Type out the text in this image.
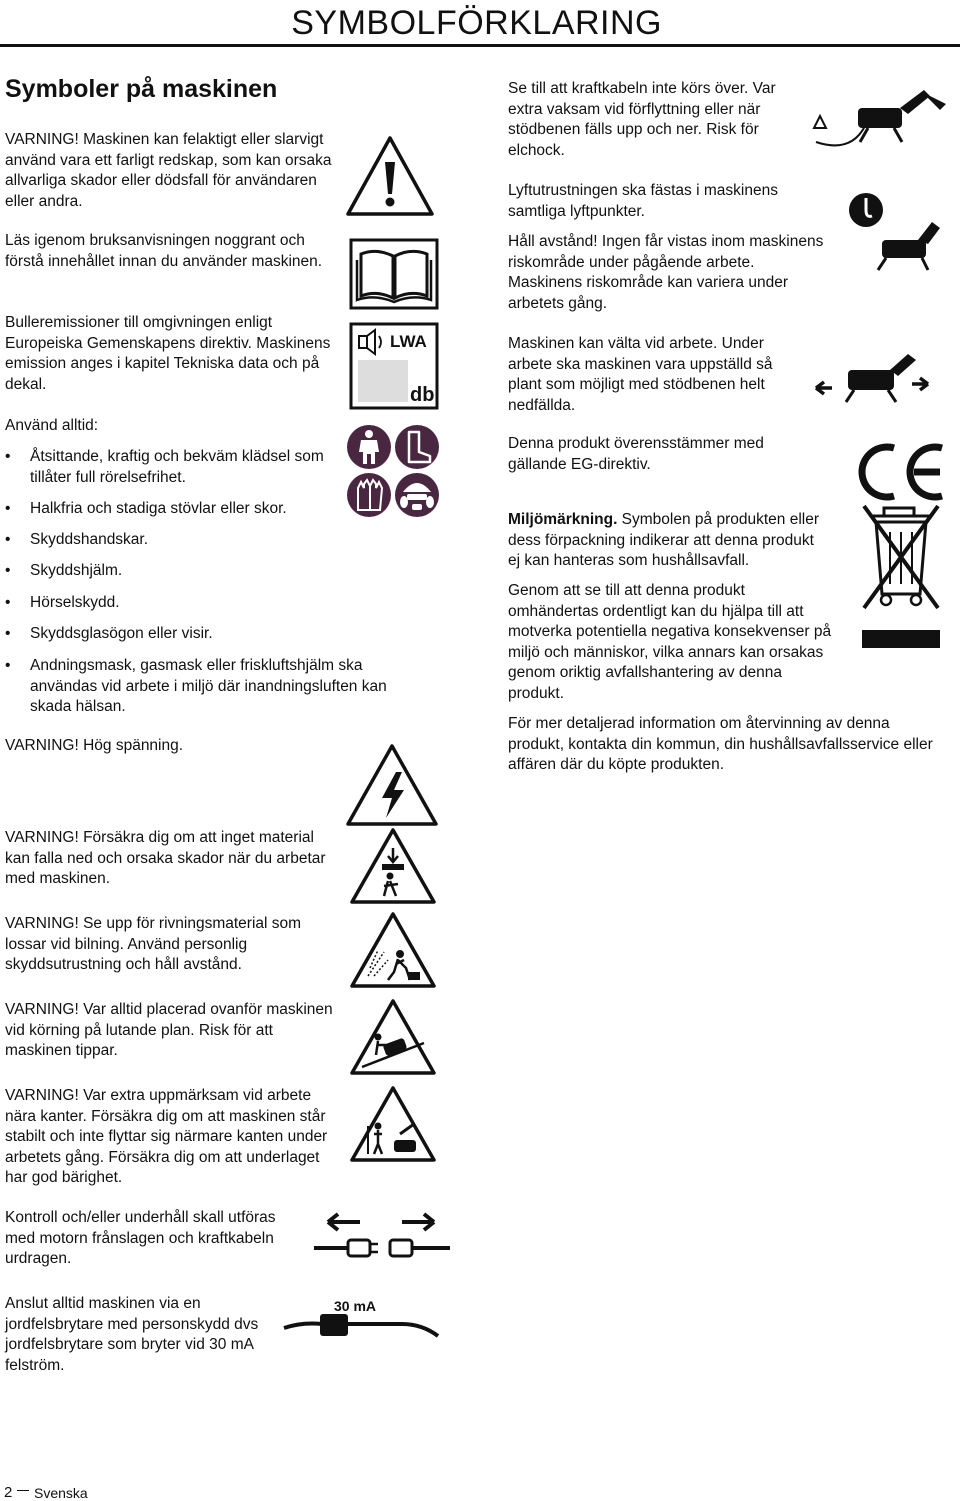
SYMBOLFÖRKLARING
Symboler på maskinen
VARNING! Maskinen kan felaktigt eller slarvigt använd vara ett farligt redskap, som kan orsaka allvarliga skador eller dödsfall för användaren eller andra.
Läs igenom bruksanvisningen noggrant och förstå innehållet innan du använder maskinen.
Bulleremissioner till omgivningen enligt Europeiska Gemenskapens direktiv. Maskinens emission anges i kapitel Tekniska data och på dekal.
LWA
db
Använd alltid:
• Åtsittande, kraftig och bekväm klädsel som tillåter full rörelsefrihet.
• Halkfria och stadiga stövlar eller skor.
• Skyddshandskar.
• Skyddshjälm.
• Hörselskydd.
• Skyddsglasögon eller visir.
• Andningsmask, gasmask eller friskluftshjälm ska användas vid arbete i miljö där inandningsluften kan skada hälsan.
VARNING! Hög spänning.
VARNING! Försäkra dig om att inget material kan falla ned och orsaka skador när du arbetar med maskinen.
VARNING! Se upp för rivningsmaterial som lossar vid bilning. Använd personlig skyddsutrustning och håll avstånd.
VARNING! Var alltid placerad ovanför maskinen vid körning på lutande plan. Risk för att maskinen tippar.
VARNING! Var extra uppmärksam vid arbete nära kanter. Försäkra dig om att maskinen står stabilt och inte flyttar sig närmare kanten under arbetets gång. Försäkra dig om att underlaget har god bärighet.
Kontroll och/eller underhåll skall utföras med motorn frånslagen och kraftkabeln urdragen.
Anslut alltid maskinen via en jordfelsbrytare med personskydd dvs jordfelsbrytare som bryter vid 30 mA felström.
30 mA
Se till att kraftkabeln inte körs över. Var extra vaksam vid förflyttning eller när stödbenen fälls upp och ner. Risk för elchock.
Lyftutrustningen ska fästas i maskinens samtliga lyftpunkter.
Håll avstånd! Ingen får vistas inom maskinens riskområde under pågående arbete. Maskinens riskområde kan variera under arbetets gång.
Maskinen kan välta vid arbete. Under arbete ska maskinen vara uppställd så plant som möjligt med stödbenen helt nedfällda.
Denna produkt överensstämmer med gällande EG-direktiv.
Miljömärkning. Symbolen på produkten eller dess förpackning indikerar att denna produkt ej kan hanteras som hushållsavfall.
Genom att se till att denna produkt omhändertas ordentligt kan du hjälpa till att motverka potentiella negativa konsekvenser på miljö och människor, vilka annars kan orsakas genom oriktig avfallshantering av denna produkt.
För mer detaljerad information om återvinning av denna produkt, kontakta din kommun, din hushållsavfallsservice eller affären där du köpte produkten.
2 Svenska
